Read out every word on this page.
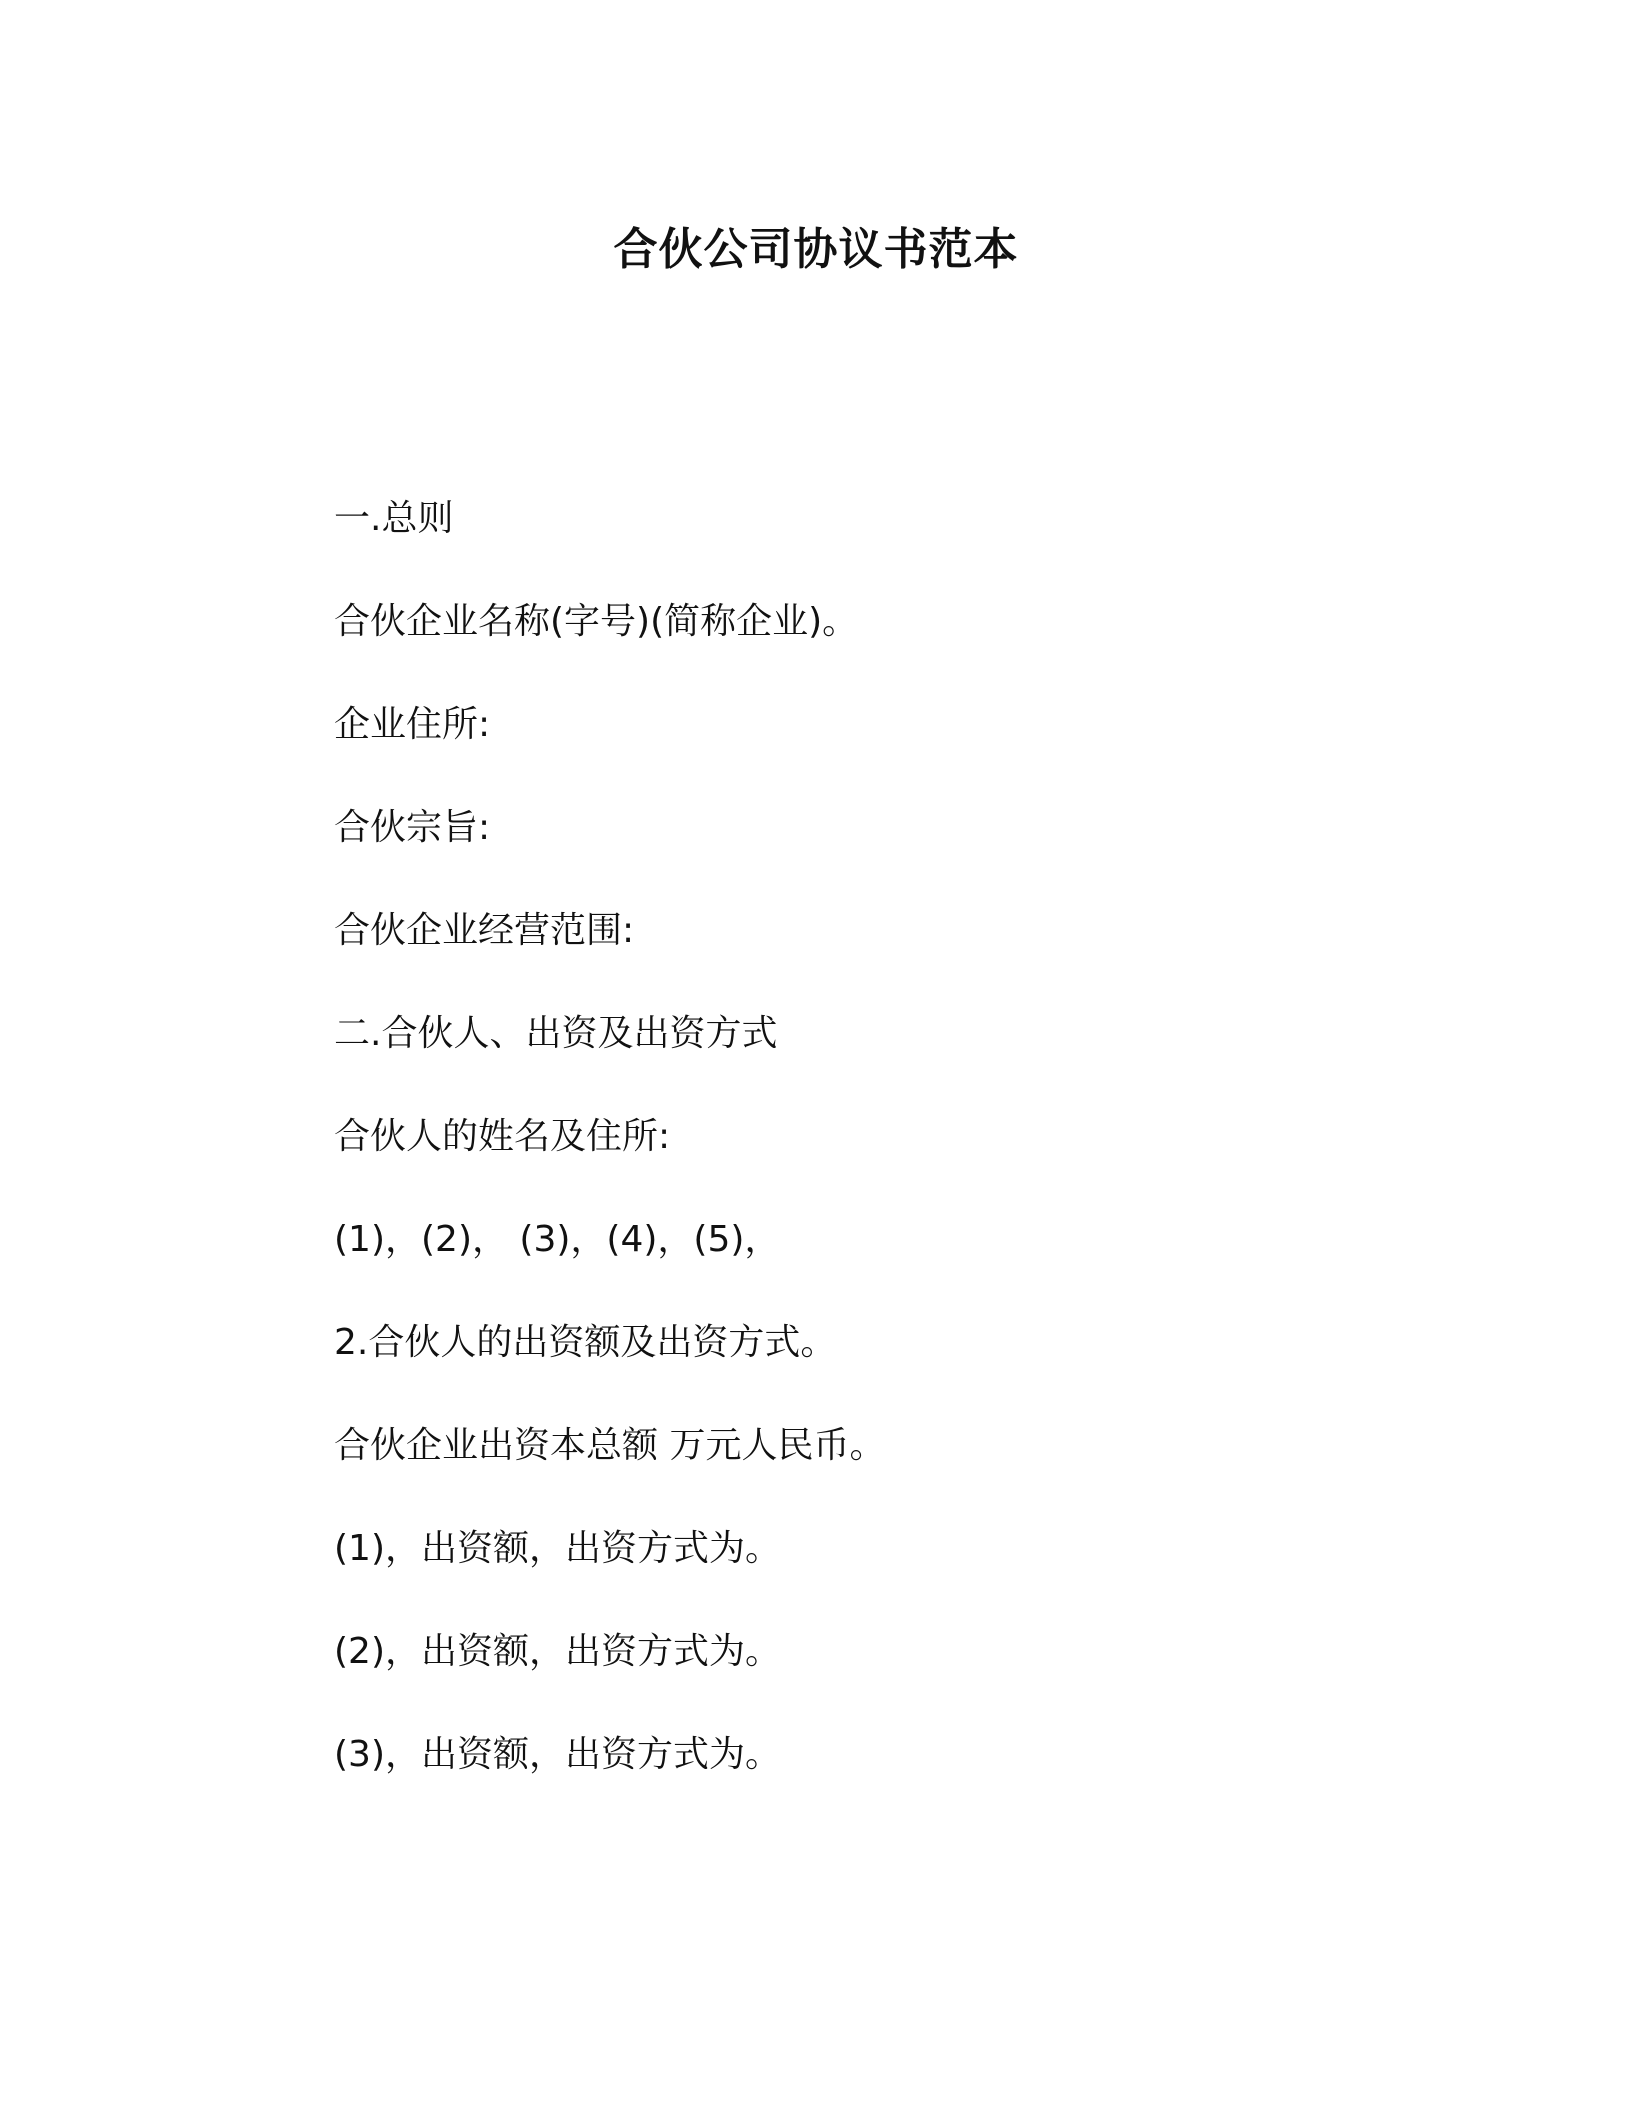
合伙公司协议书范本
一.总则
合伙企业名称(字号)(简称企业)。
企业住所:
合伙宗旨:
合伙企业经营范围:
二.合伙人、出资及出资方式
合伙人的姓名及住所:
(1)，(2)， (3)，(4)，(5)，
2.合伙人的出资额及出资方式。
合伙企业出资本总额 万元人民币。
(1)，出资额，出资方式为。
(2)，出资额，出资方式为。
(3)，出资额，出资方式为。
